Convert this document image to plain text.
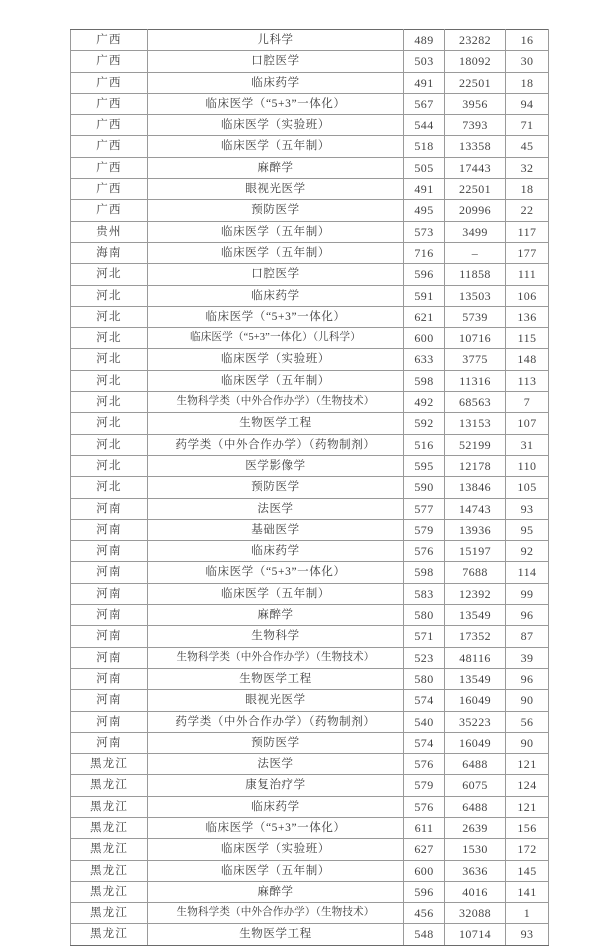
广西	儿科学	489	23282	16
广西	口腔医学	503	18092	30
广西	临床药学	491	22501	18
广西	临床医学（“5+3”一体化）	567	3956	94
广西	临床医学（实验班）	544	7393	71
广西	临床医学（五年制）	518	13358	45
广西	麻醉学	505	17443	32
广西	眼视光医学	491	22501	18
广西	预防医学	495	20996	22
贵州	临床医学（五年制）	573	3499	117
海南	临床医学（五年制）	716	–	177
河北	口腔医学	596	11858	111
河北	临床药学	591	13503	106
河北	临床医学（“5+3”一体化）	621	5739	136
河北	临床医学（“5+3”一体化）（儿科学）	600	10716	115
河北	临床医学（实验班）	633	3775	148
河北	临床医学（五年制）	598	11316	113
河北	生物科学类（中外合作办学）（生物技术）	492	68563	7
河北	生物医学工程	592	13153	107
河北	药学类（中外合作办学）（药物制剂）	516	52199	31
河北	医学影像学	595	12178	110
河北	预防医学	590	13846	105
河南	法医学	577	14743	93
河南	基础医学	579	13936	95
河南	临床药学	576	15197	92
河南	临床医学（“5+3”一体化）	598	7688	114
河南	临床医学（五年制）	583	12392	99
河南	麻醉学	580	13549	96
河南	生物科学	571	17352	87
河南	生物科学类（中外合作办学）（生物技术）	523	48116	39
河南	生物医学工程	580	13549	96
河南	眼视光医学	574	16049	90
河南	药学类（中外合作办学）（药物制剂）	540	35223	56
河南	预防医学	574	16049	90
黑龙江	法医学	576	6488	121
黑龙江	康复治疗学	579	6075	124
黑龙江	临床药学	576	6488	121
黑龙江	临床医学（“5+3”一体化）	611	2639	156
黑龙江	临床医学（实验班）	627	1530	172
黑龙江	临床医学（五年制）	600	3636	145
黑龙江	麻醉学	596	4016	141
黑龙江	生物科学类（中外合作办学）（生物技术）	456	32088	1
黑龙江	生物医学工程	548	10714	93
